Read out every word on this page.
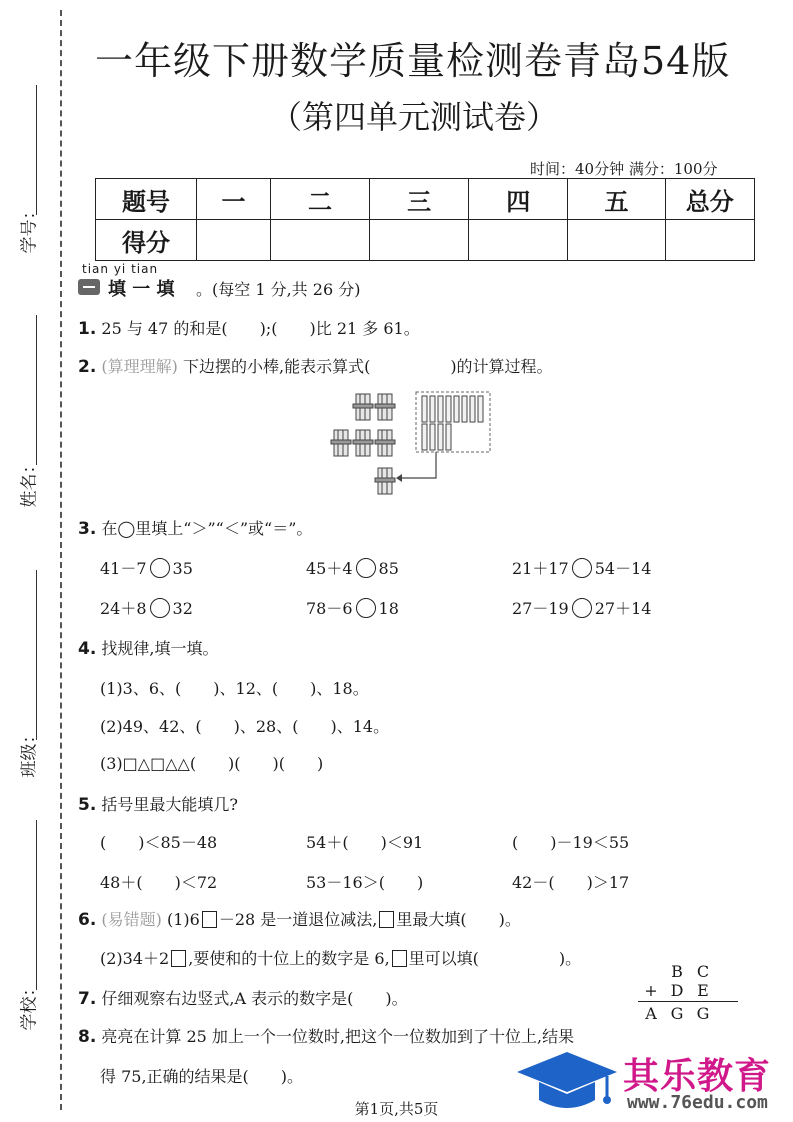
学号：
姓名：
班级：
学校：
一年级下册数学质量检测卷青岛54版
（第四单元测试卷）
时间：40分钟 满分：100分
题号	一	二	三	四	五	总分
得分						
tian yi tian
填 一 填 。(每空 1 分,共 26 分)
1. 25 与 47 的和是(　　);(　　)比 21 多 61。
2. (算理理解) 下边摆的小棒,能表示算式(　　　　　)的计算过程。
3. 在◯里填上“＞”“＜”或“＝”。
41－7 35	45＋4 85	21＋17 54－14
24＋8 32	78－6 18	27－19 27＋14
4. 找规律,填一填。
(1)3、6、(　　)、12、(　　)、18。
(2)49、42、(　　)、28、(　　)、14。
(3)□△□△△(　　)(　　)(　　)
5. 括号里最大能填几?
(　　)＜85－48	54＋(　　)＜91	(　　)－19＜55
48＋(　　)＜72	53－16＞(　　)	42－(　　)＞17
6. (易错题) (1)6 －28 是一道退位减法, 里最大填(　　)。
(2)34＋2 ,要使和的十位上的数字是 6, 里可以填(　　　　　)。
7. 仔细观察右边竖式,A 表示的数字是(　　)。
B C
+ D E
A G G
8. 亮亮在计算 25 加上一个一位数时,把这个一位数加到了十位上,结果
得 75,正确的结果是(　　)。
第1页,共5页
其乐教育
www.76edu.com
